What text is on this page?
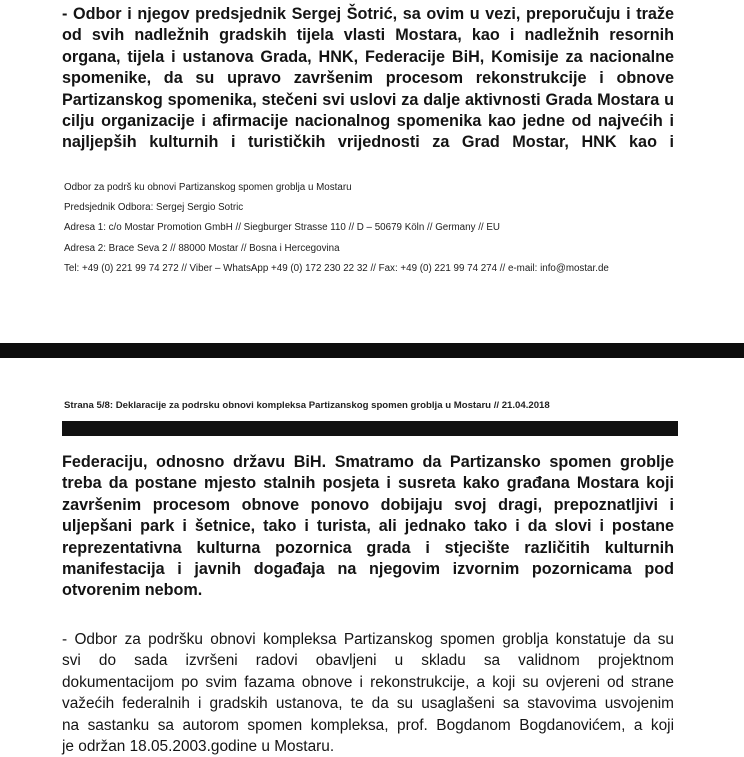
- Odbor i njegov predsjednik Sergej Šotrić, sa ovim u vezi, preporučuju i traže
od svih nadležnih gradskih tijela vlasti Mostara, kao i nadležnih resornih
organa, tijela i ustanova Grada, HNK, Federacije BiH, Komisije za nacionalne
spomenike, da su upravo završenim procesom rekonstrukcije i obnove
Partizanskog spomenika, stečeni svi uslovi za dalje aktivnosti Grada Mostara u
cilju organizacije i afirmacije nacionalnog spomenika kao jedne od najvećih i
najljepših kulturnih i turističkih vrijednosti za Grad Mostar, HNK kao i
Odbor za podrš ku obnovi Partizanskog spomen groblja u Mostaru
Predsjednik Odbora: Sergej Sergio Sotric
Adresa 1: c/o Mostar Promotion GmbH // Siegburger Strasse 110 // D – 50679 Köln // Germany // EU
Adresa 2: Brace Seva 2 // 88000 Mostar // Bosna i Hercegovina
Tel: +49 (0) 221 99 74 272 // Viber – WhatsApp +49 (0) 172 230 22 32 // Fax: +49 (0) 221 99 74 274 // e-mail: info@mostar.de
Strana 5/8: Deklaracije za podrsku obnovi kompleksa Partizanskog spomen groblja u Mostaru // 21.04.2018
Federaciju, odnosno državu BiH. Smatramo da Partizansko spomen groblje
treba da postane mjesto stalnih posjeta i susreta kako građana Mostara koji
završenim procesom obnove ponovo dobijaju svoj dragi, prepoznatljivi i
uljepšani park i šetnice, tako i turista, ali jednako tako i da slovi i postane
reprezentativna kulturna pozornica grada i stjecište različitih kulturnih
manifestacija i javnih događaja na njegovim izvornim pozornicama pod
otvorenim nebom.
- Odbor za podršku obnovi kompleksa Partizanskog spomen groblja konstatuje da su
svi do sada izvršeni radovi obavljeni u skladu sa validnom projektnom
dokumentacijom po svim fazama obnove i rekonstrukcije, a koji su ovjereni od strane
važećih federalnih i gradskih ustanova, te da su usaglašeni sa stavovima usvojenim
na sastanku sa autorom spomen kompleksa, prof. Bogdanom Bogdanovićem, a koji
je održan 18.05.2003.godine u Mostaru.
